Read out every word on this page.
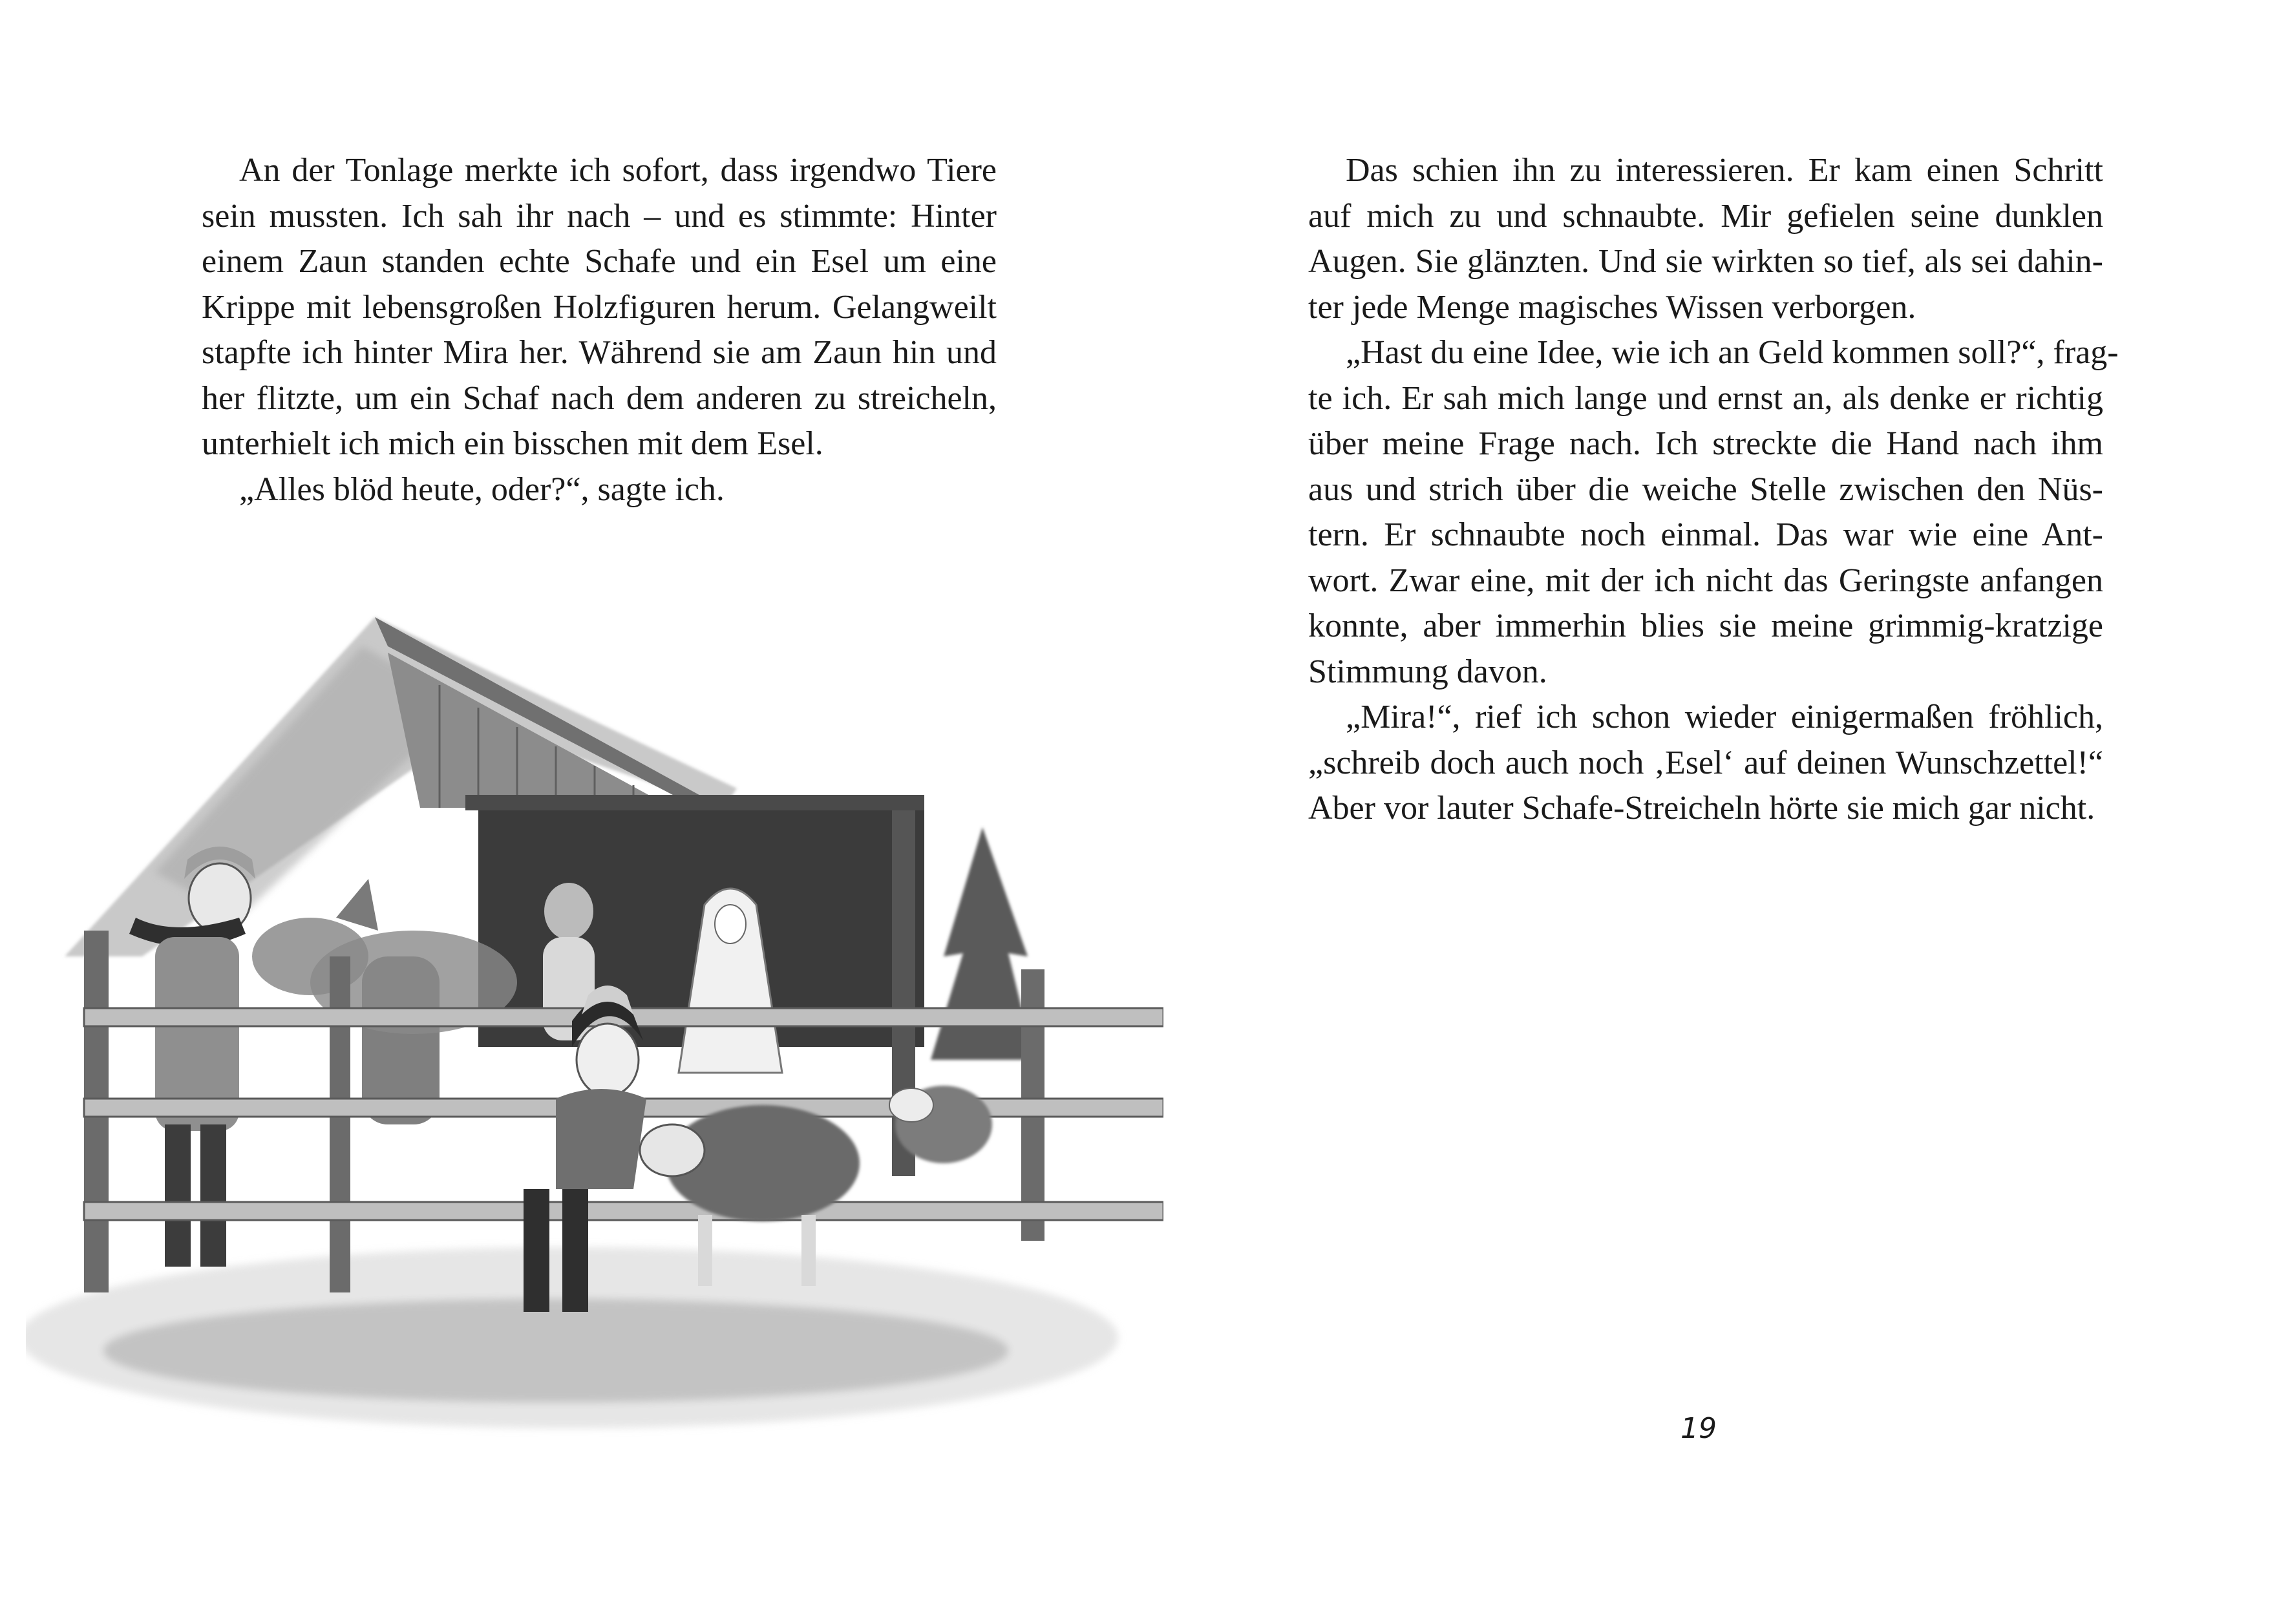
An der Tonlage merkte ich sofort, dass irgendwo Tiere
sein mussten. Ich sah ihr nach – und es stimmte: Hinter
einem Zaun standen echte Schafe und ein Esel um eine
Krippe mit lebensgroßen Holzfiguren herum. Gelangweilt
stapfte ich hinter Mira her. Während sie am Zaun hin und
her flitzte, um ein Schaf nach dem anderen zu streicheln,
unterhielt ich mich ein bisschen mit dem Esel.

„Alles blöd heute, oder?“, sagte ich.

Das schien ihn zu interessieren. Er kam einen Schritt
auf mich zu und schnaubte. Mir gefielen seine dunklen
Augen. Sie glänzten. Und sie wirkten so tief, als sei dahin-
ter jede Menge magisches Wissen verborgen.

„Hast du eine Idee, wie ich an Geld kommen soll?“, frag-
te ich. Er sah mich lange und ernst an, als denke er richtig
über meine Frage nach. Ich streckte die Hand nach ihm
aus und strich über die weiche Stelle zwischen den Nüs-
tern. Er schnaubte noch einmal. Das war wie eine Ant-
wort. Zwar eine, mit der ich nicht das Geringste anfangen
konnte, aber immerhin blies sie meine grimmig-kratzige
Stimmung davon.

„Mira!“, rief ich schon wieder einigermaßen fröhlich,
„schreib doch auch noch ‚Esel‘ auf deinen Wunschzettel!“
Aber vor lauter Schafe-Streicheln hörte sie mich gar nicht.

19
